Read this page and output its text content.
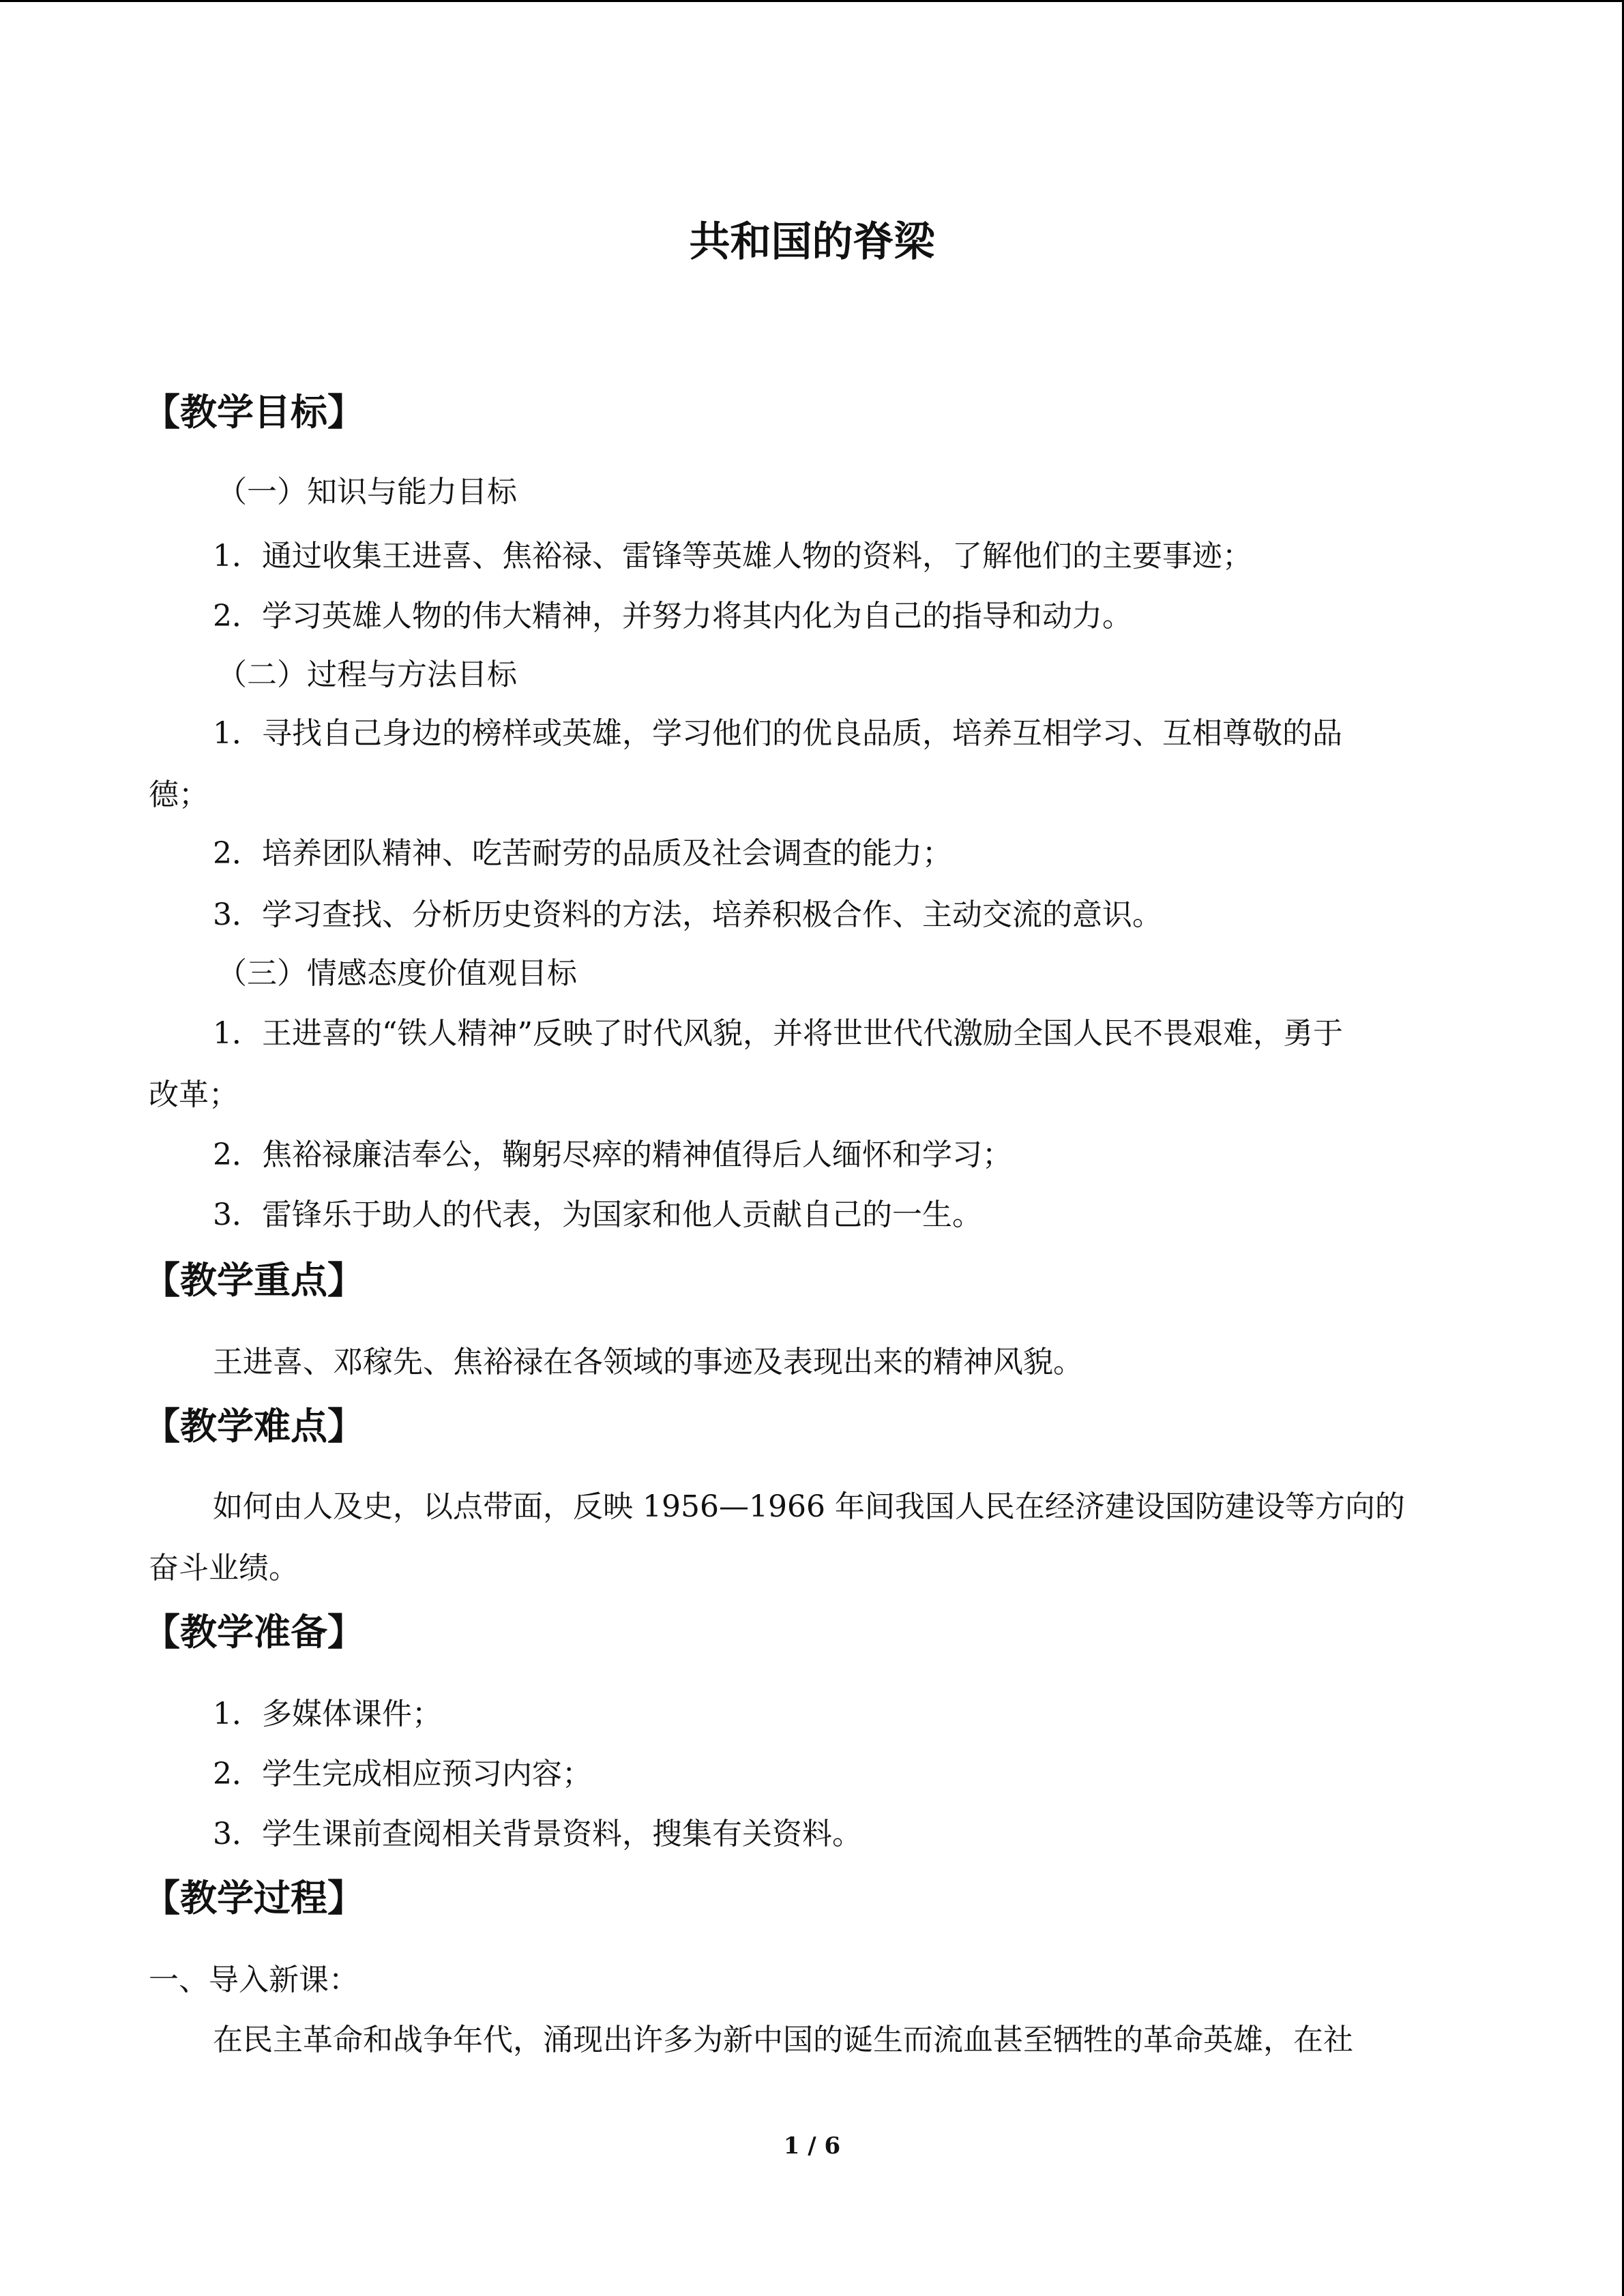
共和国的脊梁
【教学目标】

（一）知识与能力目标

1．通过收集王进喜、焦裕禄、雷锋等英雄人物的资料，了解他们的主要事迹；

2．学习英雄人物的伟大精神，并努力将其内化为自己的指导和动力。

（二）过程与方法目标

1．寻找自己身边的榜样或英雄，学习他们的优良品质，培养互相学习、互相尊敬的品

德；

2．培养团队精神、吃苦耐劳的品质及社会调查的能力；

3．学习查找、分析历史资料的方法，培养积极合作、主动交流的意识。

（三）情感态度价值观目标

1．王进喜的“铁人精神”反映了时代风貌，并将世世代代激励全国人民不畏艰难，勇于

改革；

2．焦裕禄廉洁奉公，鞠躬尽瘁的精神值得后人缅怀和学习；

3．雷锋乐于助人的代表，为国家和他人贡献自己的一生。

【教学重点】

王进喜、邓稼先、焦裕禄在各领域的事迹及表现出来的精神风貌。

【教学难点】

如何由人及史，以点带面，反映 1956—1966 年间我国人民在经济建设国防建设等方向的

奋斗业绩。

【教学准备】

1．多媒体课件；

2．学生完成相应预习内容；

3．学生课前查阅相关背景资料，搜集有关资料。

【教学过程】

一、导入新课：

在民主革命和战争年代，涌现出许多为新中国的诞生而流血甚至牺牲的革命英雄，在社

1 / 6
